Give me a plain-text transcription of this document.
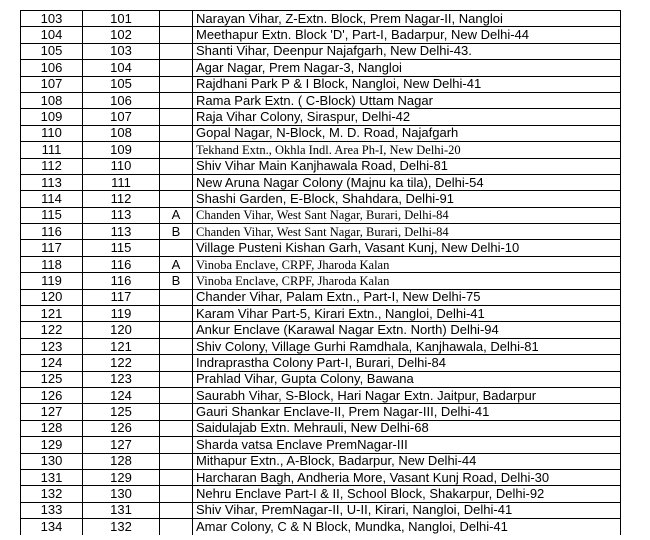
103	101		Narayan Vihar, Z-Extn. Block, Prem Nagar-II, Nangloi
104	102		Meethapur Extn. Block 'D', Part-I, Badarpur, New Delhi-44
105	103		Shanti Vihar, Deenpur Najafgarh, New Delhi-43.
106	104		Agar Nagar, Prem Nagar-3, Nangloi
107	105		Rajdhani Park P & I Block, Nangloi, New Delhi-41
108	106		Rama Park Extn. ( C-Block) Uttam Nagar
109	107		Raja Vihar Colony, Siraspur, Delhi-42
110	108		Gopal Nagar, N-Block, M. D. Road, Najafgarh
111	109		Tekhand Extn., Okhla Indl. Area Ph-I, New Delhi-20
112	110		Shiv Vihar Main Kanjhawala Road, Delhi-81
113	111		New Aruna Nagar Colony (Majnu ka tila), Delhi-54
114	112		Shashi Garden, E-Block, Shahdara, Delhi-91
115	113	A	Chanden Vihar, West Sant Nagar, Burari, Delhi-84
116	113	B	Chanden Vihar, West Sant Nagar, Burari, Delhi-84
117	115		Village Pusteni Kishan Garh, Vasant Kunj, New Delhi-10
118	116	A	Vinoba Enclave, CRPF, Jharoda Kalan
119	116	B	Vinoba Enclave, CRPF, Jharoda Kalan
120	117		Chander Vihar, Palam Extn., Part-I, New Delhi-75
121	119		Karam Vihar Part-5, Kirari Extn., Nangloi, Delhi-41
122	120		Ankur Enclave (Karawal Nagar Extn. North) Delhi-94
123	121		Shiv Colony, Village Gurhi Ramdhala, Kanjhawala, Delhi-81
124	122		Indraprastha Colony Part-I, Burari, Delhi-84
125	123		Prahlad Vihar, Gupta Colony, Bawana
126	124		Saurabh Vihar, S-Block, Hari Nagar Extn. Jaitpur, Badarpur
127	125		Gauri Shankar Enclave-II, Prem Nagar-III, Delhi-41
128	126		Saidulajab Extn. Mehrauli, New Delhi-68
129	127		Sharda vatsa Enclave PremNagar-III
130	128		Mithapur Extn., A-Block, Badarpur, New Delhi-44
131	129		Harcharan Bagh, Andheria More, Vasant Kunj Road, Delhi-30
132	130		Nehru Enclave Part-I & II, School Block, Shakarpur, Delhi-92
133	131		Shiv Vihar, PremNagar-II, U-II, Kirari, Nangloi, Delhi-41
134	132		Amar Colony, C & N Block, Mundka, Nangloi, Delhi-41
